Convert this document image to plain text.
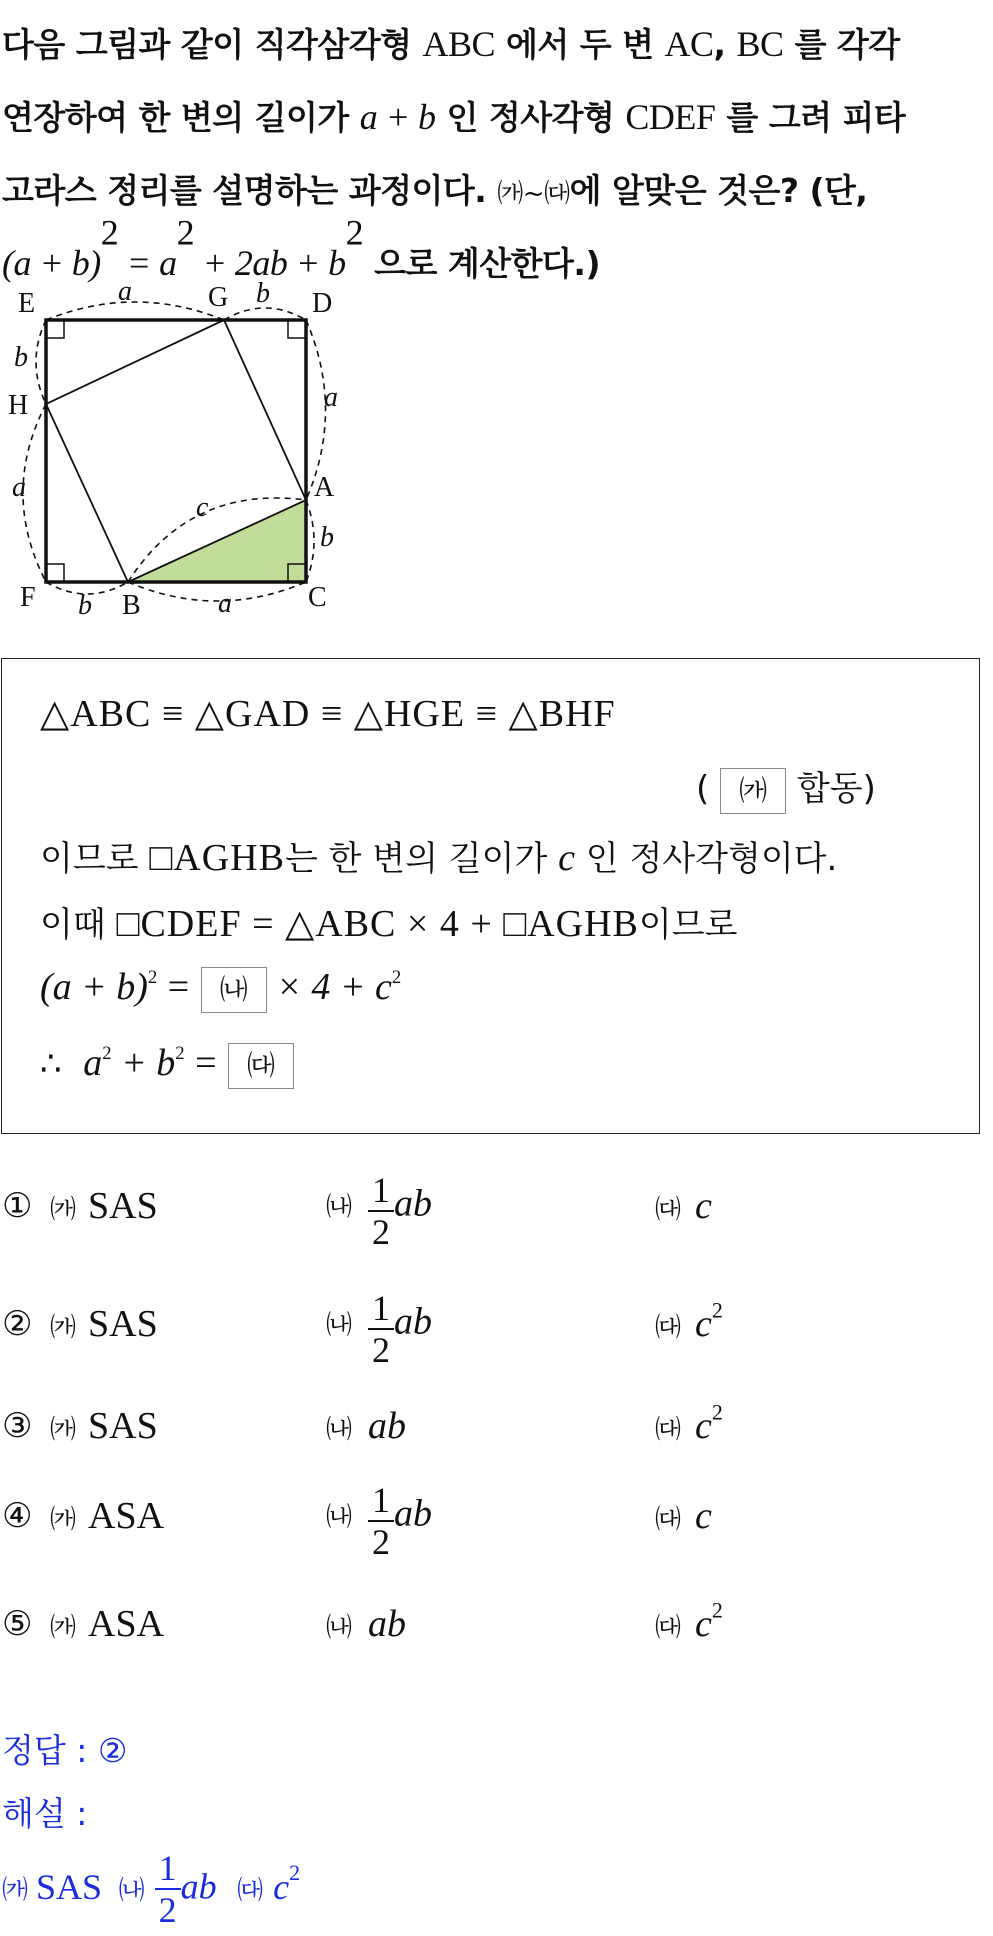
다음 그림과 같이 직각삼각형 ABC 에서 두 변 AC, BC 를 각각
연장하여 한 변의 길이가 a + b 인 정사각형 CDEF 를 그려 피타
고라스 정리를 설명하는 과정이다. ㈎~㈐에 알맞은 것은? (단,
$(a + b)^2 = a^2 + 2ab + b^2$ 으로 계산한다.)
E	G	D
H
A
F	B	C
a	b
b
a
a
b
b	a
c
△ABC ≡ △GAD ≡ △HGE ≡ △BHF
( ㈎ 합동)
이므로 □AGHB는 한 변의 길이가 c 인 정사각형이다.
이때 □CDEF = △ABC × 4 + □AGHB이므로
$(a + b)^2$ = ㈏ × $4 + c^2$
∴ $a^2 + b^2$ = ㈐
① ㈎ SAS	㈏ $\frac{1}{2}$ ab	㈐ c
② ㈎ SAS	㈏ $\frac{1}{2}$ ab	㈐ $c^2$
③ ㈎ SAS	㈏ ab	㈐ $c^2$
④ ㈎ ASA	㈏ $\frac{1}{2}$ ab	㈐ c
⑤ ㈎ ASA	㈏ ab	㈐ $c^2$
정답 : ②
해설 :
㈎ SAS ㈏ $\frac{1}{2}$ ab ㈐ $c^2$
